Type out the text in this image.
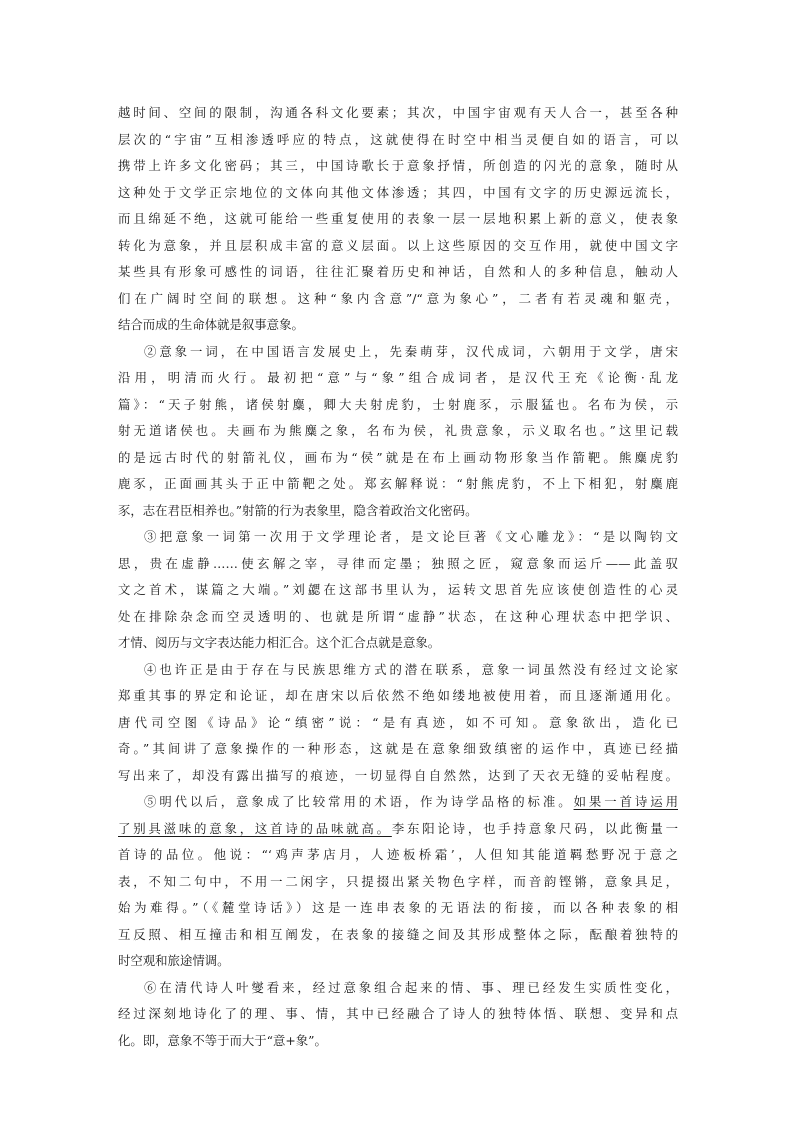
越时间、空间的限制，沟通各科文化要素；其次，中国宇宙观有天人合一，甚至各种
层次的“宇宙”互相渗透呼应的特点，这就使得在时空中相当灵便自如的语言，可以
携带上许多文化密码；其三，中国诗歌长于意象抒情，所创造的闪光的意象，随时从
这种处于文学正宗地位的文体向其他文体渗透；其四，中国有文字的历史源远流长，
而且绵延不绝，这就可能给一些重复使用的表象一层一层地积累上新的意义，使表象
转化为意象，并且层积成丰富的意义层面。以上这些原因的交互作用，就使中国文字
某些具有形象可感性的词语，往往汇聚着历史和神话，自然和人的多种信息，触动人
们在广阔时空间的联想。这种“象内含意”/“意为象心”，二者有若灵魂和躯壳，
结合而成的生命体就是叙事意象。
②意象一词，在中国语言发展史上，先秦萌芽，汉代成词，六朝用于文学，唐宋
沿用，明清而火行。最初把“意”与“象”组合成词者，是汉代王充《论衡·乱龙
篇》：“天子射熊，诸侯射麋，卿大夫射虎豹，士射鹿豕，示服猛也。名布为侯，示
射无道诸侯也。夫画布为熊麋之象，名布为侯，礼贵意象，示义取名也。”这里记载
的是远古时代的射箭礼仪，画布为“侯”就是在布上画动物形象当作箭靶。熊麋虎豹
鹿豕，正面画其头于正中箭靶之处。郑玄解释说：“射熊虎豹，不上下相犯，射麋鹿
豕，志在君臣相养也。”射箭的行为表象里，隐含着政治文化密码。
③把意象一词第一次用于文学理论者，是文论巨著《文心雕龙》：“是以陶钧文
思，贵在虚静……使玄解之宰，寻律而定墨；独照之匠，窥意象而运斤——此盖驭
文之首术，谋篇之大端。”刘勰在这部书里认为，运转文思首先应该使创造性的心灵
处在排除杂念而空灵透明的、也就是所谓“虚静”状态，在这种心理状态中把学识、
才情、阅历与文字表达能力相汇合。这个汇合点就是意象。
④也许正是由于存在与民族思维方式的潜在联系，意象一词虽然没有经过文论家
郑重其事的界定和论证，却在唐宋以后依然不绝如缕地被使用着，而且逐渐通用化。
唐代司空图《诗品》论“缜密”说：“是有真迹，如不可知。意象欲出，造化已
奇。”其间讲了意象操作的一种形态，这就是在意象细致缜密的运作中，真迹已经描
写出来了，却没有露出描写的痕迹，一切显得自自然然，达到了天衣无缝的妥帖程度。
⑤明代以后，意象成了比较常用的术语，作为诗学品格的标准。如果一首诗运用
了别具滋味的意象，这首诗的品味就高。李东阳论诗，也手持意象尺码，以此衡量一
首诗的品位。他说：“‘鸡声茅店月，人迹板桥霜’，人但知其能道羁愁野况于意之
表，不知二句中，不用一二闲字，只提掇出紧关物色字样，而音韵铿锵，意象具足，
始为难得。”（《麓堂诗话》）这是一连串表象的无语法的衔接，而以各种表象的相
互反照、相互撞击和相互阐发，在表象的接缝之间及其形成整体之际，酝酿着独特的
时空观和旅途情调。
⑥在清代诗人叶燮看来，经过意象组合起来的情、事、理已经发生实质性变化，
经过深刻地诗化了的理、事、情，其中已经融合了诗人的独特体悟、联想、变异和点
化。即，意象不等于而大于“意+象”。
